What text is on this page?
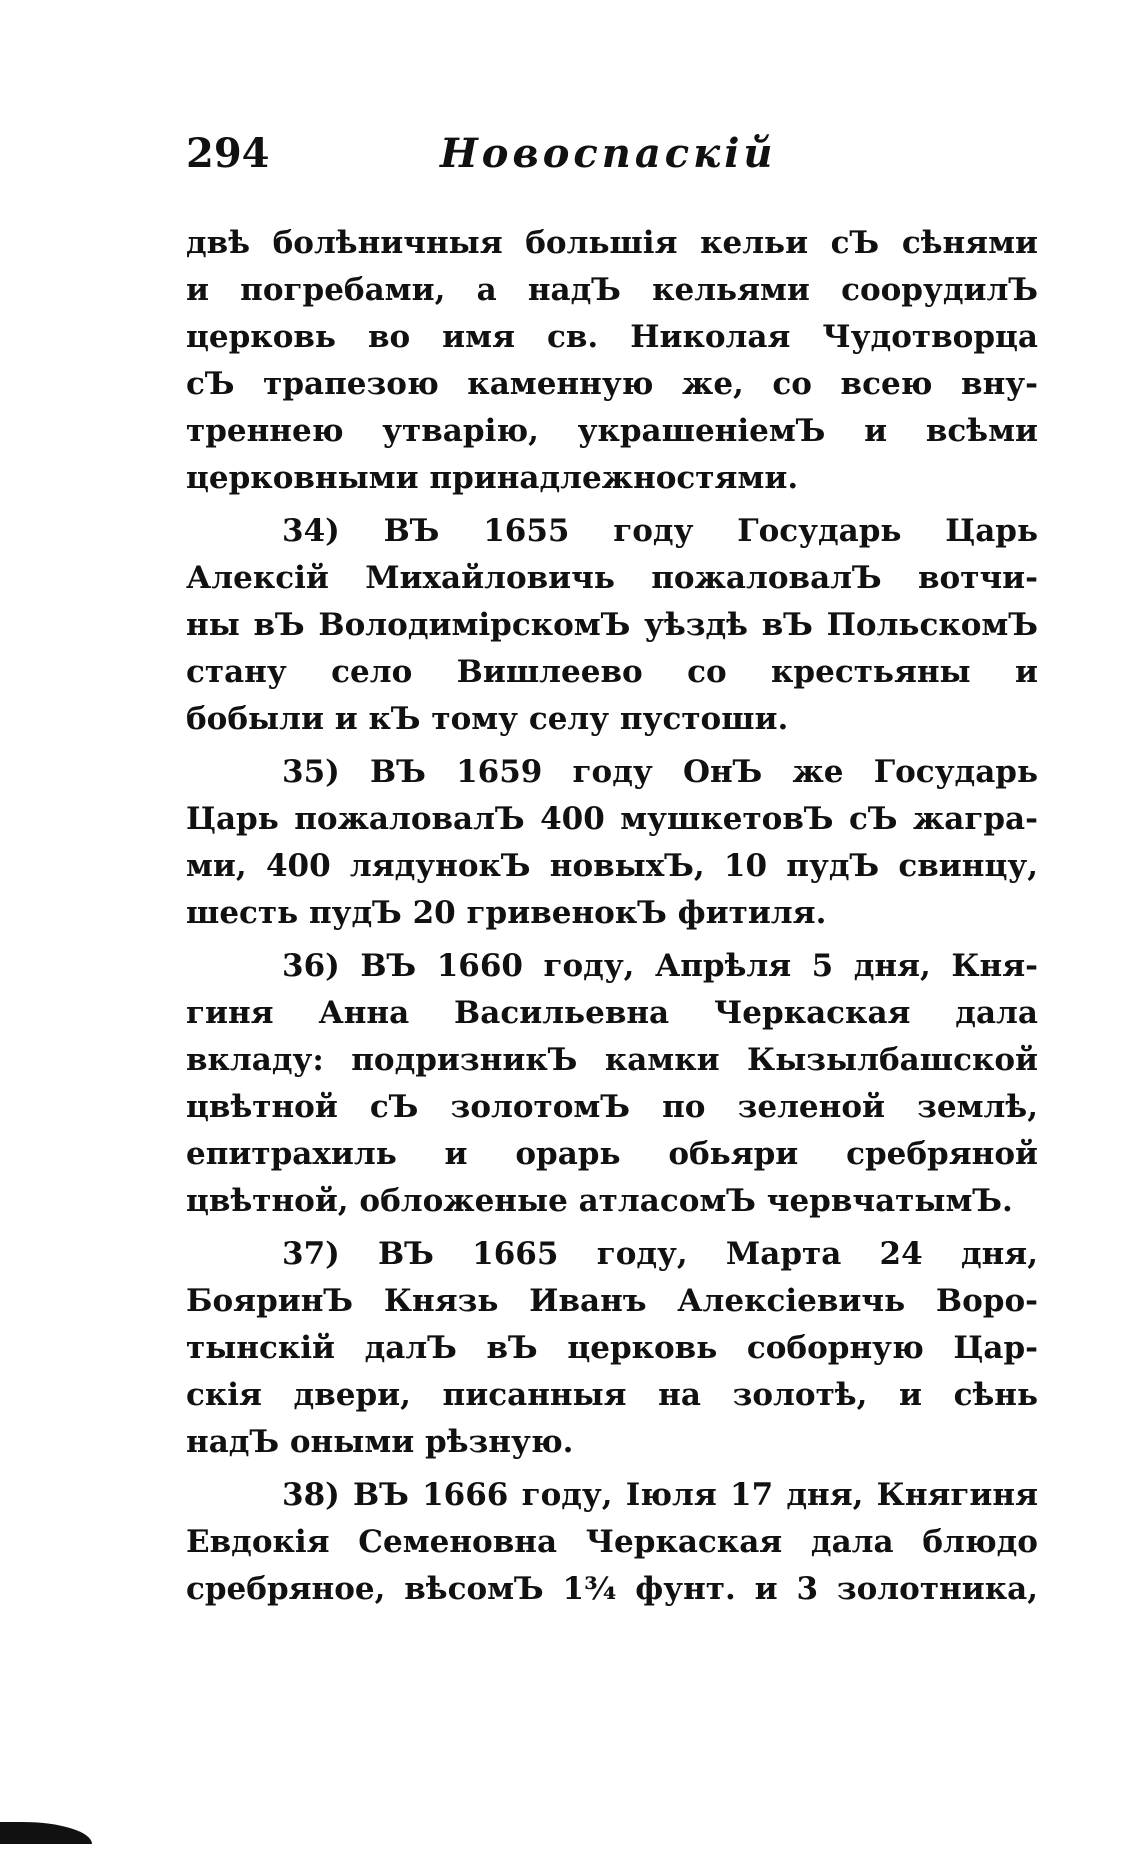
294	Новоспаскій

двѣ болѣничныя большія кельи сЪ сѣнями
и погребами, а надЪ кельями соорудилЪ
церковь во имя св. Николая Чудотворца
сЪ трапезою каменную же, со всею вну-
треннею утварію, украшеніемЪ и всѣми
церковными принадлежностями.

34) ВЪ 1655 году Государь Царь
Алексій Михайловичь пожаловалЪ вотчи-
ны вЪ ВолодимірскомЪ уѣздѣ вЪ ПольскомЪ
стану село Вишлеево со крестьяны и
бобыли и кЪ тому селу пустоши.

35) ВЪ 1659 году ОнЪ же Государь
Царь пожаловалЪ 400 мушкетовЪ сЪ жагра-
ми, 400 лядунокЪ новыхЪ, 10 пудЪ свинцу,
шесть пудЪ 20 гривенокЪ фитиля.

36) ВЪ 1660 году, Апрѣля 5 дня, Кня-
гиня Анна Васильевна Черкаская дала
вкладу: подризникЪ камки Кызылбашской
цвѣтной сЪ золотомЪ по зеленой землѣ,
епитрахиль и орарь обьяри сребряной
цвѣтной, обложеные атласомЪ червчатымЪ.

37) ВЪ 1665 году, Марта 24 дня,
БояринЪ Князь Иванъ Алексіевичь Воро-
тынскій далЪ вЪ церковь соборную Цар-
скія двери, писанныя на золотѣ, и сѣнь
надЪ оными рѣзную.

38) ВЪ 1666 году, Іюля 17 дня, Княгиня
Евдокія Семеновна Черкаская дала блюдо
сребряное, вѣсомЪ 1¾ фунт. и 3 золотника,
